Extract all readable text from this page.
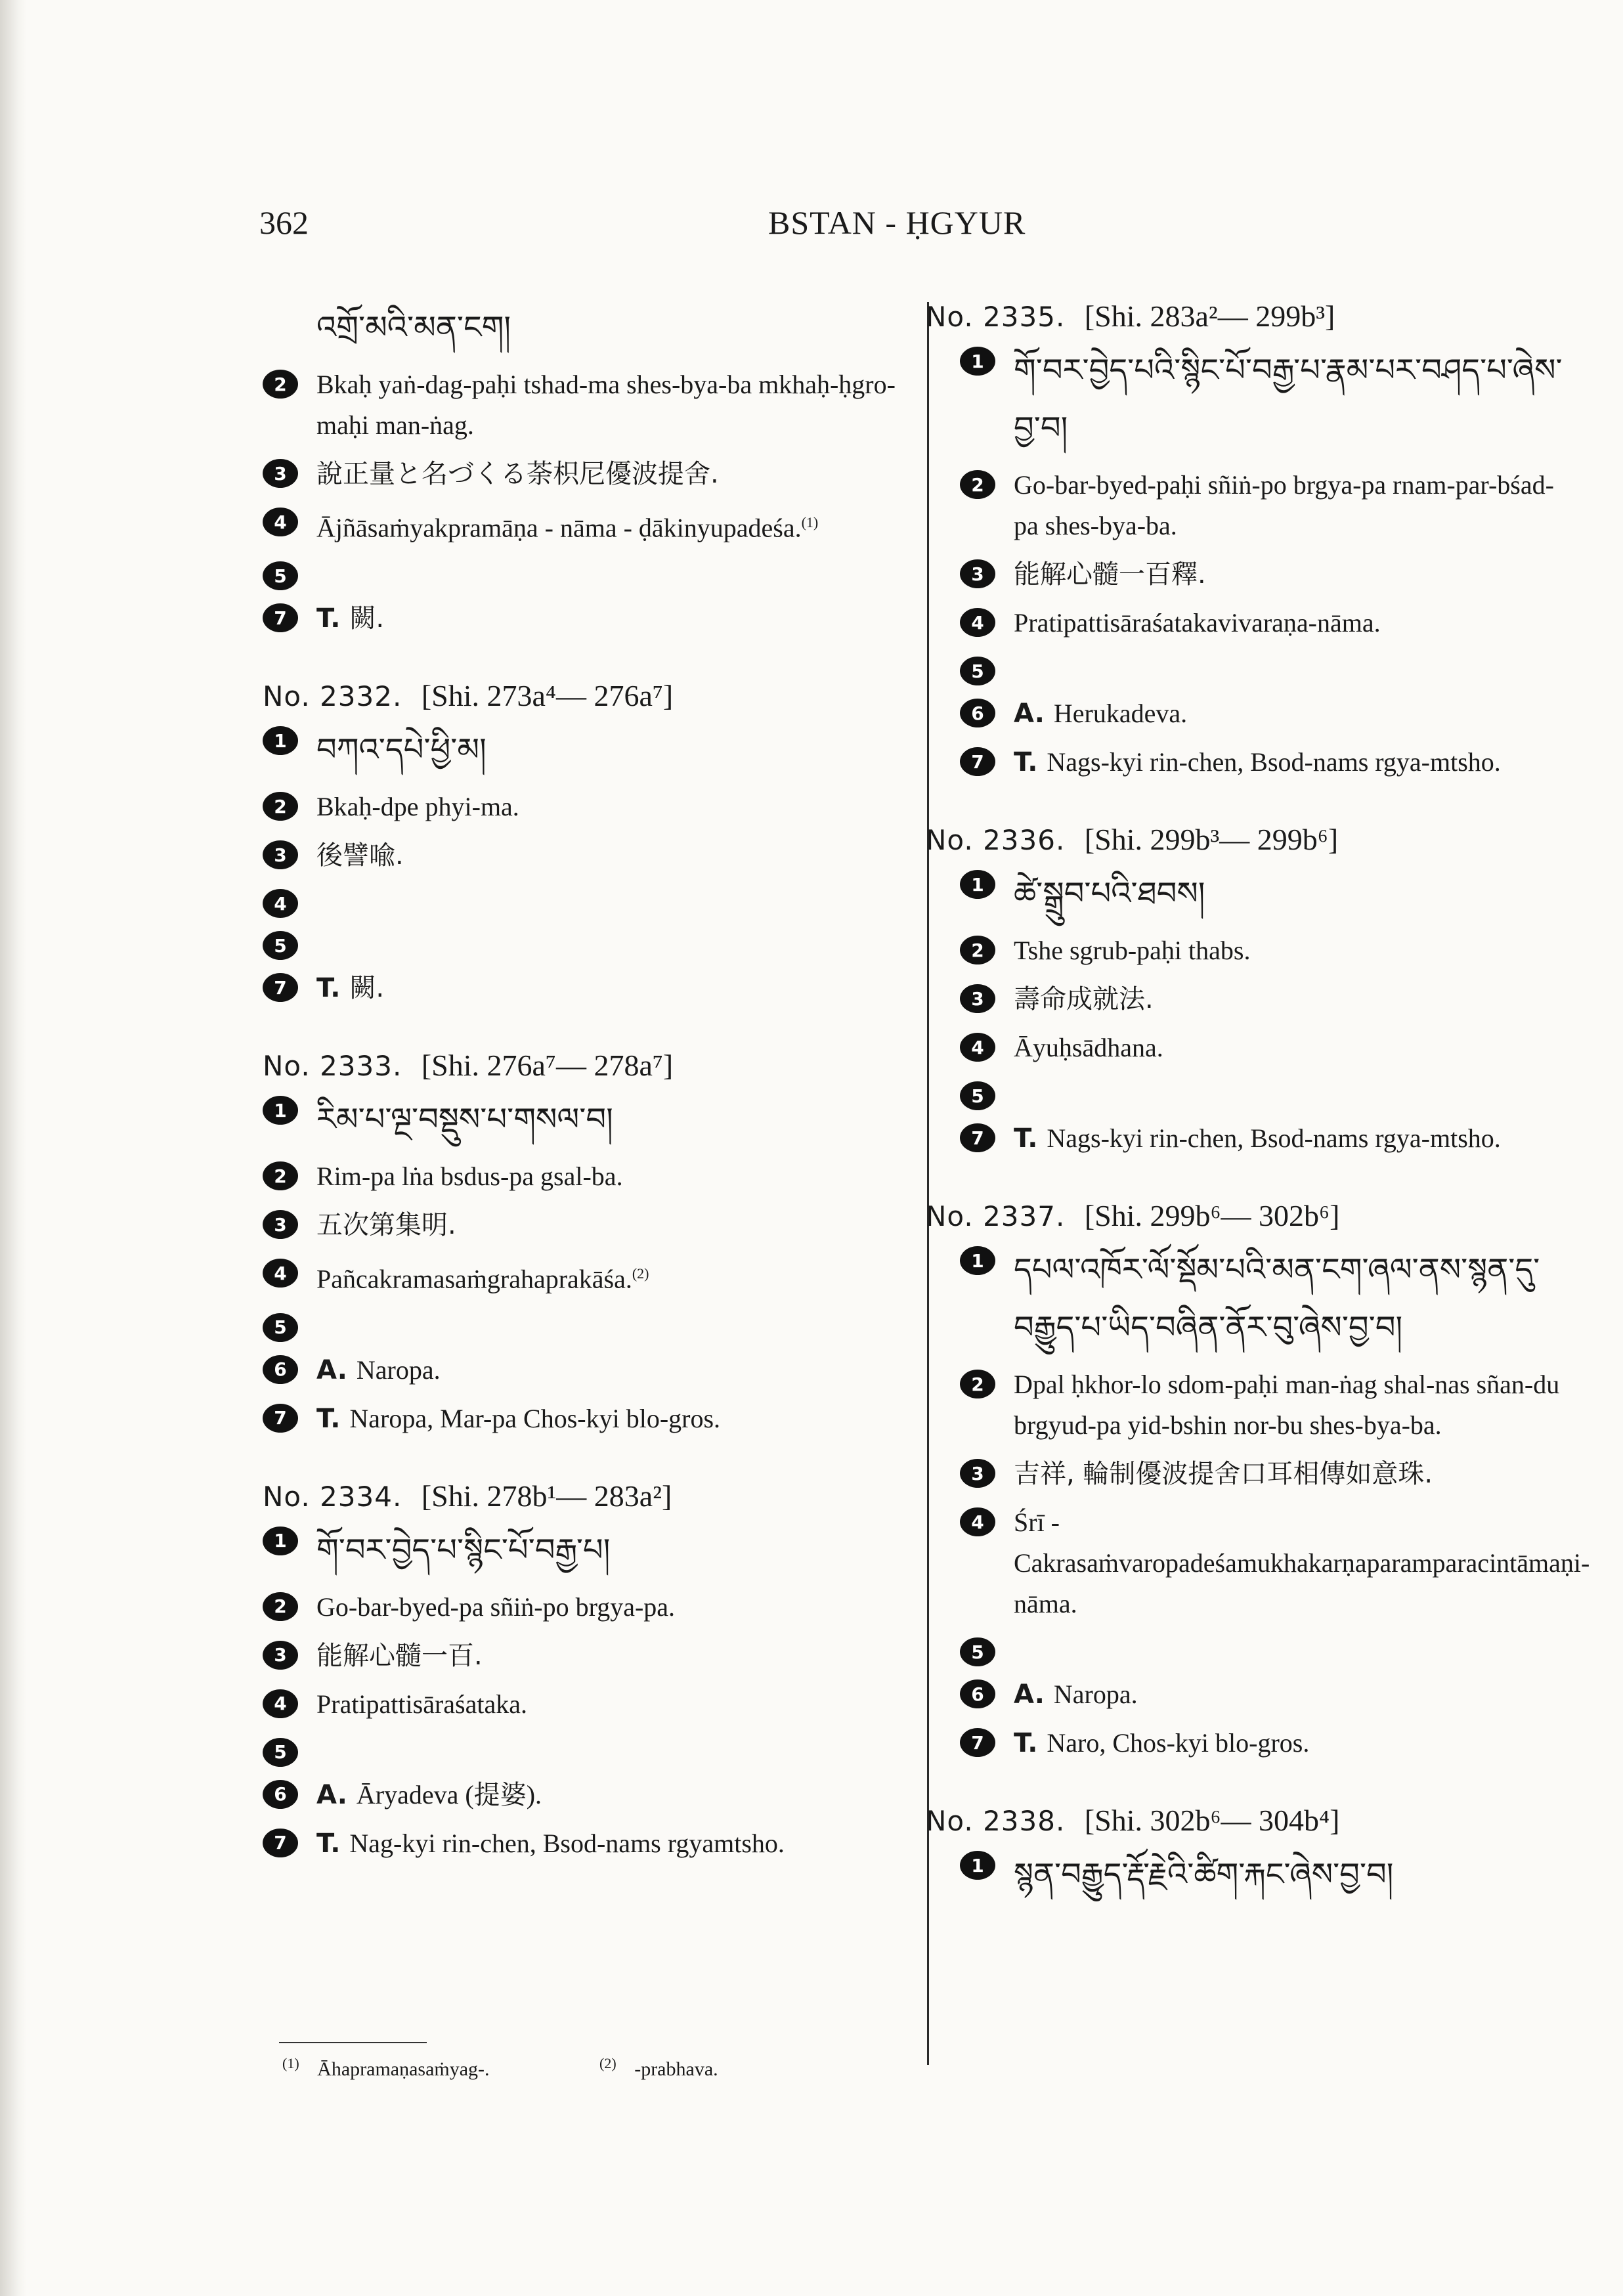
362	BSTAN - ḤGYUR
འགྲོ་མའི་མན་ངག།
2	Bkaḥ yaṅ-dag-paḥi tshad-ma shes-bya-ba mkhaḥ-ḥgro-maḥi man-ṅag.
3	說正量と名づくる荼枳尼優波提舍.
4	Ājñāsaṁyakpramāṇa - nāma - ḍākinyupadeśa.$^{(1)}$
5
7	T. 闕.
No. 2332. [Shi. 273a⁴— 276a⁷]
1 བཀའ་དཔེ་ཕྱི་མ།
2	Bkaḥ-dpe phyi-ma.
3	後譬喩.
4
5
7	T. 闕.
No. 2333. [Shi. 276a⁷— 278a⁷]
1 རིམ་པ་ལྔ་བསྡུས་པ་གསལ་བ།
2	Rim-pa lṅa bsdus-pa gsal-ba.
3	五次第集明.
4	Pañcakramasaṁgrahaprakāśa.$^{(2)}$
5
6	A. Naropa.
7	T. Naropa, Mar-pa Chos-kyi blo-gros.
No. 2334. [Shi. 278b¹— 283a²]
1 གོ་བར་བྱེད་པ་སྙིང་པོ་བརྒྱ་པ།
2	Go-bar-byed-pa sñiṅ-po brgya-pa.
3	能解心髓一百.
4	Pratipattisāraśataka.
5
6	A. Āryadeva (提婆).
7	T. Nag-kyi rin-chen, Bsod-nams rgyamtsho.
No. 2335. [Shi. 283a²— 299b³]
1 གོ་བར་བྱེད་པའི་སྙིང་པོ་བརྒྱ་པ་རྣམ་པར་བཤད་པ་ཞེས་བྱ་བ།
2	Go-bar-byed-paḥi sñiṅ-po brgya-pa rnam-par-bśad-pa shes-bya-ba.
3	能解心髓一百釋.
4	Pratipattisāraśatakavivaraṇa-nāma.
5
6	A. Herukadeva.
7	T. Nags-kyi rin-chen, Bsod-nams rgya-mtsho.
No. 2336. [Shi. 299b³— 299b⁶]
1 ཚེ་སྒྲུབ་པའི་ཐབས།
2	Tshe sgrub-paḥi thabs.
3	壽命成就法.
4	Āyuḥsādhana.
5
7	T. Nags-kyi rin-chen, Bsod-nams rgya-mtsho.
No. 2337. [Shi. 299b⁶— 302b⁶]
1 དཔལ་འཁོར་ལོ་སྡོམ་པའི་མན་ངག་ཞལ་ནས་སྙན་དུ་བརྒྱུད་པ་ཡིད་བཞིན་ནོར་བུ་ཞེས་བྱ་བ།
2	Dpal ḥkhor-lo sdom-paḥi man-ṅag shal-nas sñan-du brgyud-pa yid-bshin nor-bu shes-bya-ba.
3	吉祥, 輪制優波提舍口耳相傳如意珠.
4	Śrī - Cakrasaṁvaropadeśamukhakarṇaparamparacintāmaṇi-nāma.
5
6	A. Naropa.
7	T. Naro, Chos-kyi blo-gros.
No. 2338. [Shi. 302b⁶— 304b⁴]
1 སྙན་བརྒྱུད་རྡོ་རྗེའི་ཚིག་རྐང་ཞེས་བྱ་བ།
$^{(1)}$ Āhapramaṇasaṁyag-.	$^{(2)}$ -prabhava.
